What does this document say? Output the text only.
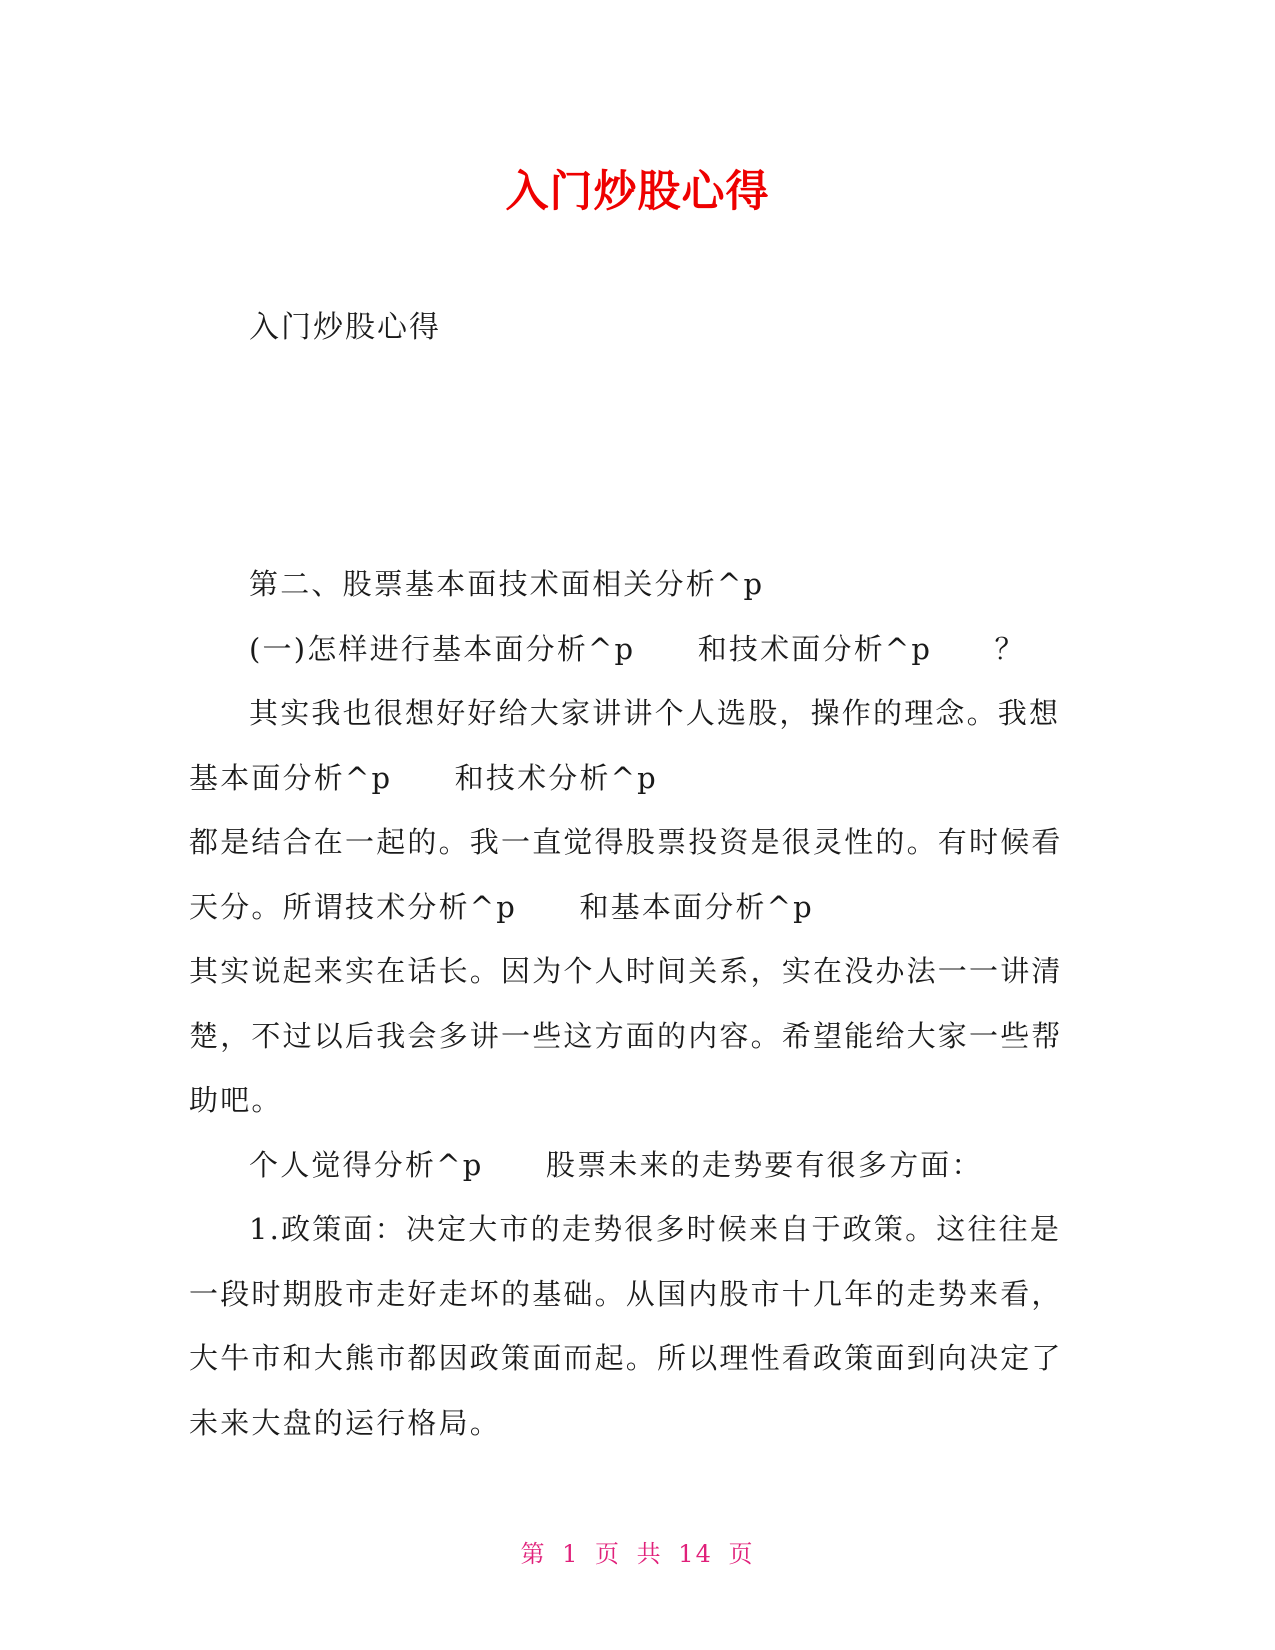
入门炒股心得
入门炒股心得

第二、股票基本面技术面相关分析^p

(一)怎样进行基本面分析^p　　和技术面分析^p　　？

其实我也很想好好给大家讲讲个人选股，操作的理念。我想基本面分析^p　　和技术分析^p

都是结合在一起的。我一直觉得股票投资是很灵性的。有时候看天分。所谓技术分析^p　　和基本面分析^p

其实说起来实在话长。因为个人时间关系，实在没办法一一讲清楚，不过以后我会多讲一些这方面的内容。希望能给大家一些帮助吧。

个人觉得分析^p　　股票未来的走势要有很多方面：

1.政策面：决定大市的走势很多时候来自于政策。这往往是一段时期股市走好走坏的基础。从国内股市十几年的走势来看，大牛市和大熊市都因政策面而起。所以理性看政策面到向决定了未来大盘的运行格局。

第 1 页 共 14 页
